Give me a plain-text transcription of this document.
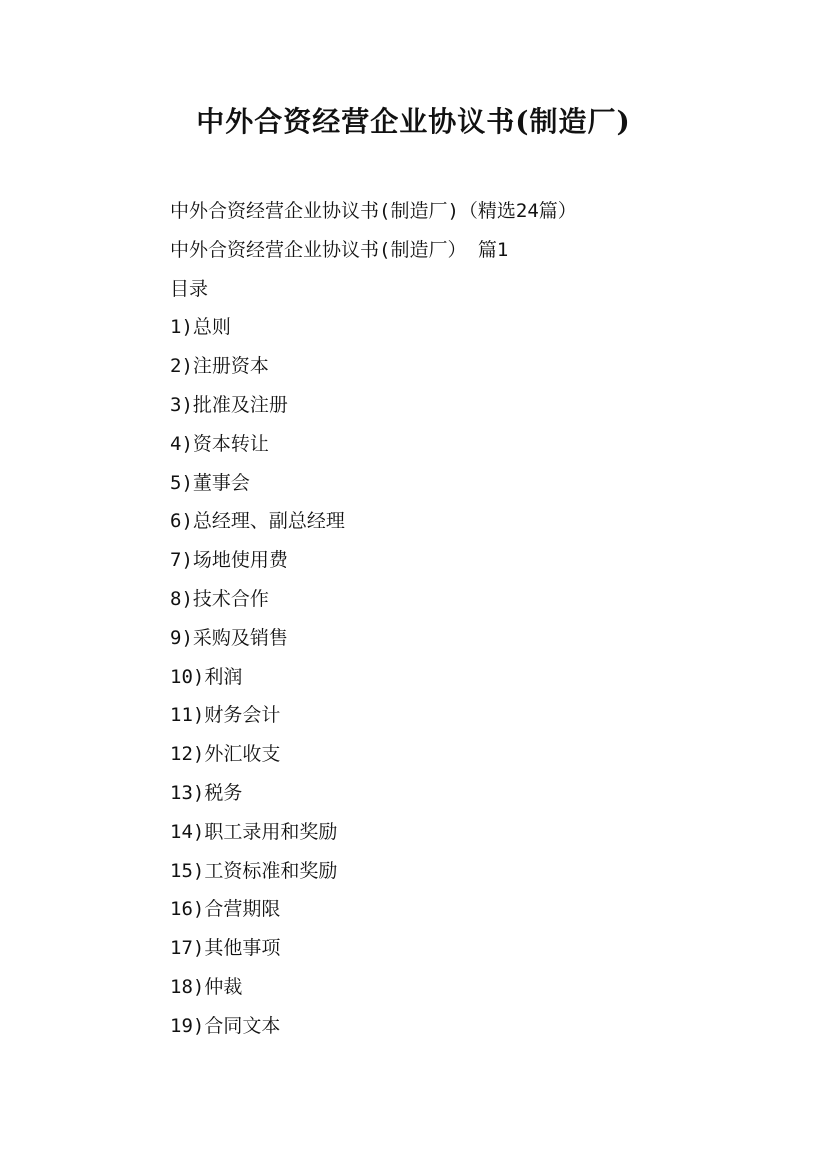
中外合资经营企业协议书(制造厂)

中外合资经营企业协议书(制造厂)（精选24篇）

中外合资经营企业协议书(制造厂） 篇1

目录

1)总则
2)注册资本
3)批准及注册
4)资本转让
5)董事会
6)总经理、副总经理
7)场地使用费
8)技术合作
9)采购及销售
10)利润
11)财务会计
12)外汇收支
13)税务
14)职工录用和奖励
15)工资标准和奖励
16)合营期限
17)其他事项
18)仲裁
19)合同文本
